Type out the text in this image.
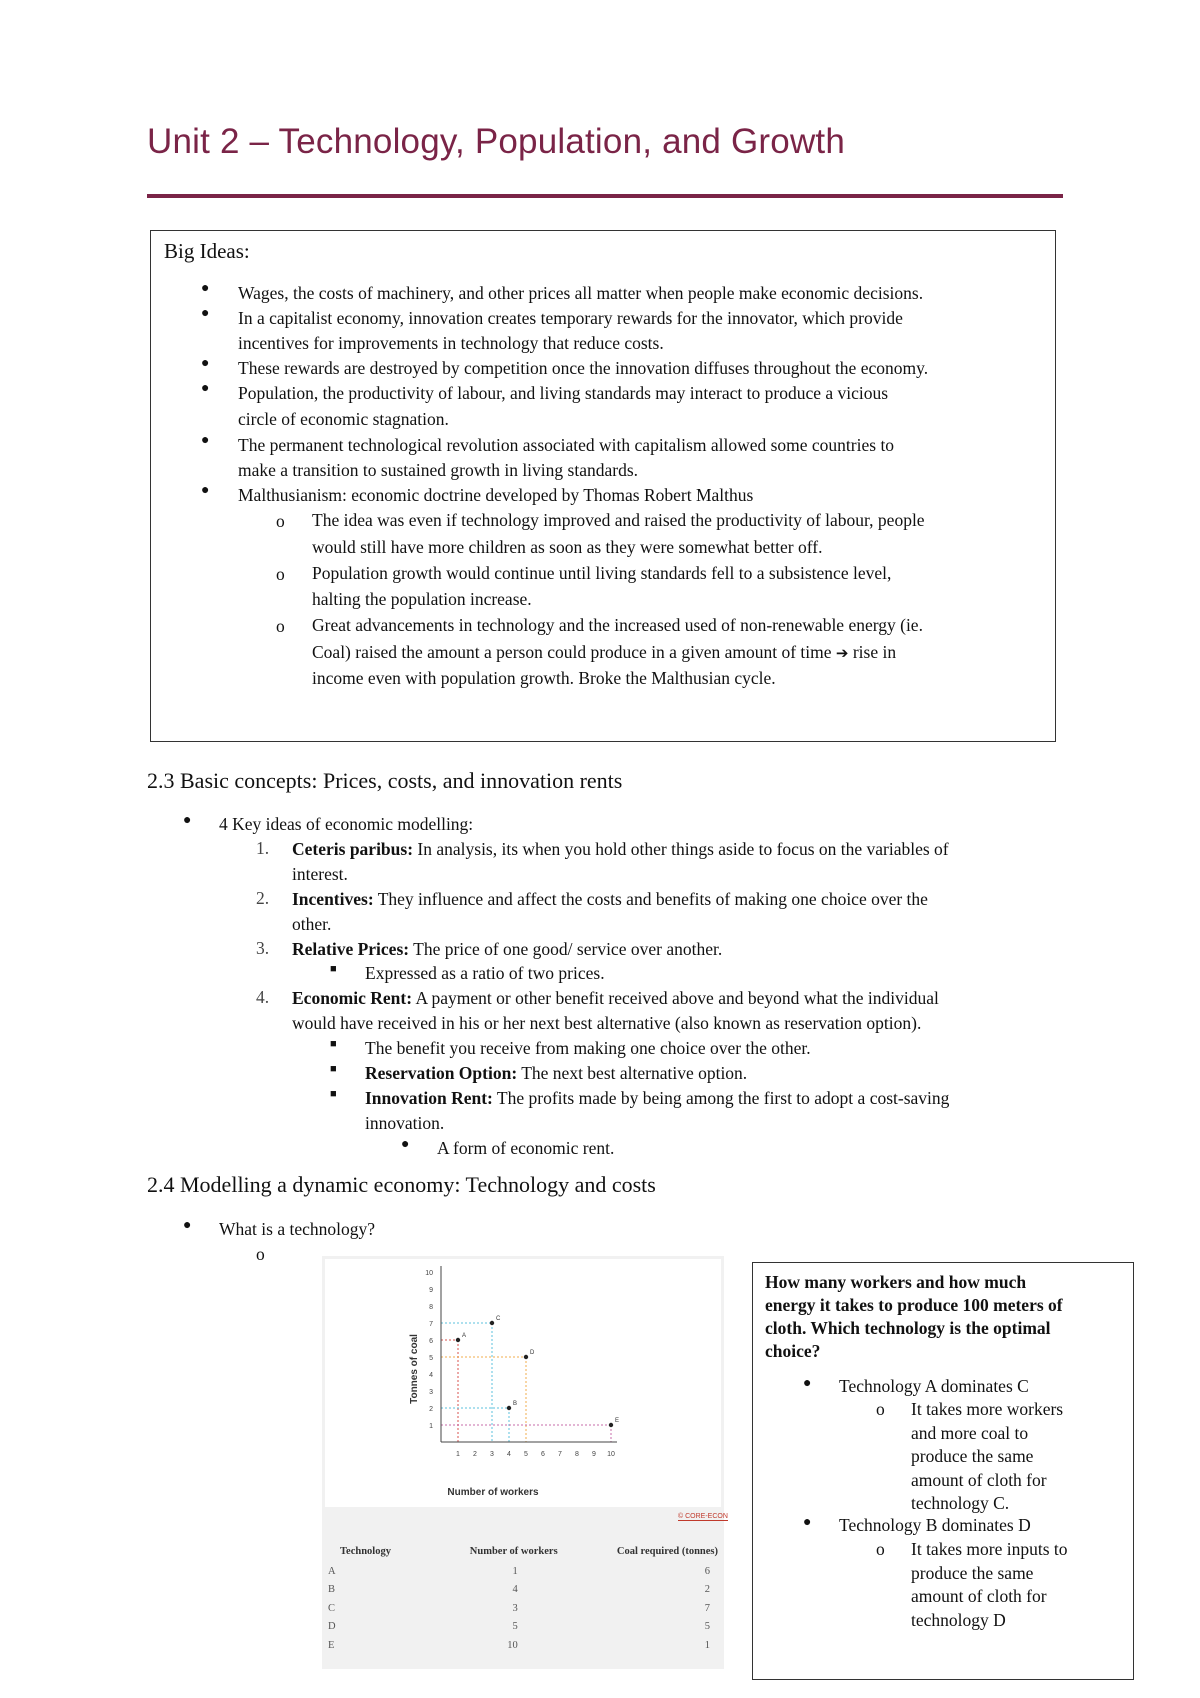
Unit 2 – Technology, Population, and Growth
Big Ideas:
● Wages, the costs of machinery, and other prices all matter when people make economic decisions.
● In a capitalist economy, innovation creates temporary rewards for the innovator, which provide
incentives for improvements in technology that reduce costs.
● These rewards are destroyed by competition once the innovation diffuses throughout the economy.
● Population, the productivity of labour, and living standards may interact to produce a vicious
circle of economic stagnation.
● The permanent technological revolution associated with capitalism allowed some countries to
make a transition to sustained growth in living standards.
● Malthusianism: economic doctrine developed by Thomas Robert Malthus
o The idea was even if technology improved and raised the productivity of labour, people
would still have more children as soon as they were somewhat better off.
o Population growth would continue until living standards fell to a subsistence level,
halting the population increase.
o Great advancements in technology and the increased used of non-renewable energy (ie.
Coal) raised the amount a person could produce in a given amount of time ➔ rise in
income even with population growth. Broke the Malthusian cycle.
2.3 Basic concepts: Prices, costs, and innovation rents
● 4 Key ideas of economic modelling:
1. Ceteris paribus: In analysis, its when you hold other things aside to focus on the variables of
interest.
2. Incentives: They influence and affect the costs and benefits of making one choice over the
other.
3. Relative Prices: The price of one good/ service over another.
■ Expressed as a ratio of two prices.
4. Economic Rent: A payment or other benefit received above and beyond what the individual
would have received in his or her next best alternative (also known as reservation option).
■ The benefit you receive from making one choice over the other.
■ Reservation Option: The next best alternative option.
■ Innovation Rent: The profits made by being among the first to adopt a cost-saving
innovation.
● A form of economic rent.
2.4 Modelling a dynamic economy: Technology and costs
● What is a technology?
o
1 2 3 4 5 6 7 8 9 10
1
2
3
4
5
6
7
8
9
10
A
B
C
D
E
Number of workers
Tonnes of coal
© CORE-ECON
Technology	Number of workers	Coal required (tonnes)
A	1	6
B	4	2
C	3	7
D	5	5
E	10	1
How many workers and how much
energy it takes to produce 100 meters of
cloth. Which technology is the optimal
choice?
● Technology A dominates C
o It takes more workers
and more coal to
produce the same
amount of cloth for
technology C.
● Technology B dominates D
o It takes more inputs to
produce the same
amount of cloth for
technology D
